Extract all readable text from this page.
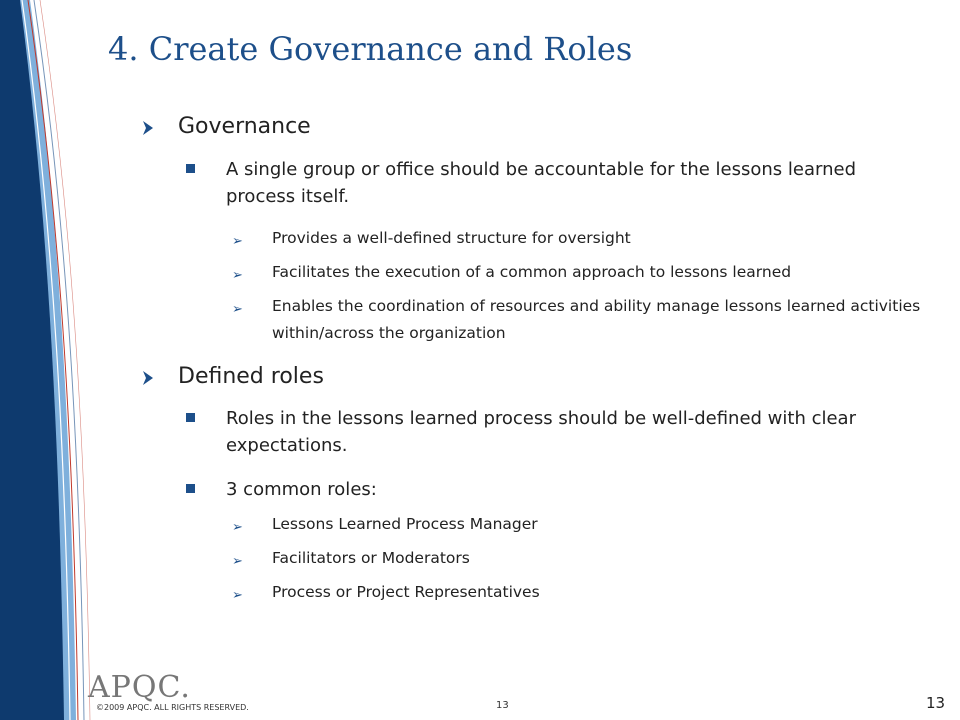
4. Create Governance and Roles
Governance
A single group or office should be accountable for the lessons learned process itself.
➢ Provides a well-defined structure for oversight
➢ Facilitates the execution of a common approach to lessons learned
➢ Enables the coordination of resources and ability manage lessons learned activities within/across the organization
Defined roles
Roles in the lessons learned process should be well-defined with clear expectations.
3 common roles:
➢ Lessons Learned Process Manager
➢ Facilitators or Moderators
➢ Process or Project Representatives
APQC.
©2009 APQC. ALL RIGHTS RESERVED.	13	13
